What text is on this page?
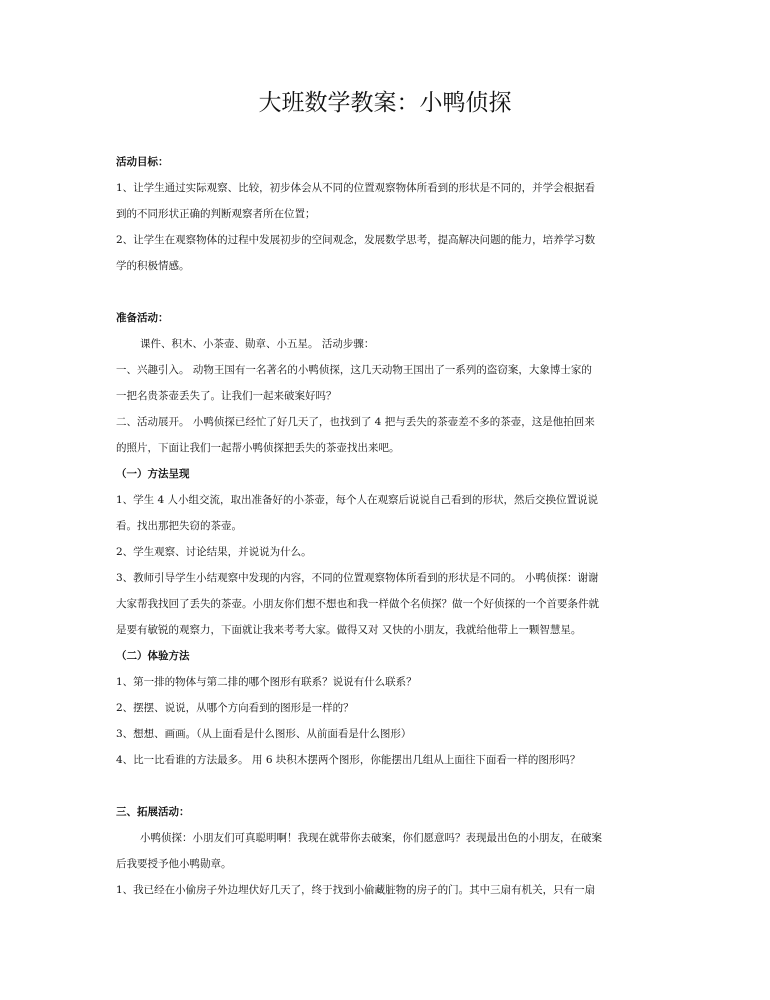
大班数学教案：小鸭侦探
活动目标：
1、让学生通过实际观察、比较，初步体会从不同的位置观察物体所看到的形状是不同的，并学会根据看
到的不同形状正确的判断观察者所在位置；
2、让学生在观察物体的过程中发展初步的空间观念，发展数学思考，提高解决问题的能力，培养学习数
学的积极情感。
准备活动：
课件、积木、小茶壶、勋章、小五星。 活动步骤：
一、兴趣引入。 动物王国有一名著名的小鸭侦探，这几天动物王国出了一系列的盗窃案，大象博士家的
一把名贵茶壶丢失了。让我们一起来破案好吗？
二、活动展开。 小鸭侦探已经忙了好几天了，也找到了 4 把与丢失的茶壶差不多的茶壶，这是他拍回来
的照片，下面让我们一起帮小鸭侦探把丢失的茶壶找出来吧。
（一）方法呈现
1、学生 4 人小组交流，取出准备好的小茶壶，每个人在观察后说说自己看到的形状，然后交换位置说说
看。找出那把失窃的茶壶。
2、学生观察、讨论结果，并说说为什么。
3、教师引导学生小结观察中发现的内容，不同的位置观察物体所看到的形状是不同的。 小鸭侦探：谢谢
大家帮我找回了丢失的茶壶。小朋友你们想不想也和我一样做个名侦探？做一个好侦探的一个首要条件就
是要有敏锐的观察力，下面就让我来考考大家。做得又对 又快的小朋友，我就给他带上一颗智慧星。
（二）体验方法
1、第一排的物体与第二排的哪个图形有联系？说说有什么联系？
2、摆摆、说说，从哪个方向看到的图形是一样的？
3、想想、画画。（从上面看是什么图形、从前面看是什么图形）
4、比一比看谁的方法最多。 用 6 块积木摆两个图形，你能摆出几组从上面往下面看一样的图形吗？
三、拓展活动：
小鸭侦探：小朋友们可真聪明啊！我现在就带你去破案，你们愿意吗？表现最出色的小朋友，在破案
后我要授予他小鸭勋章。
1、我已经在小偷房子外边埋伏好几天了，终于找到小偷藏脏物的房子的门。其中三扇有机关，只有一扇
